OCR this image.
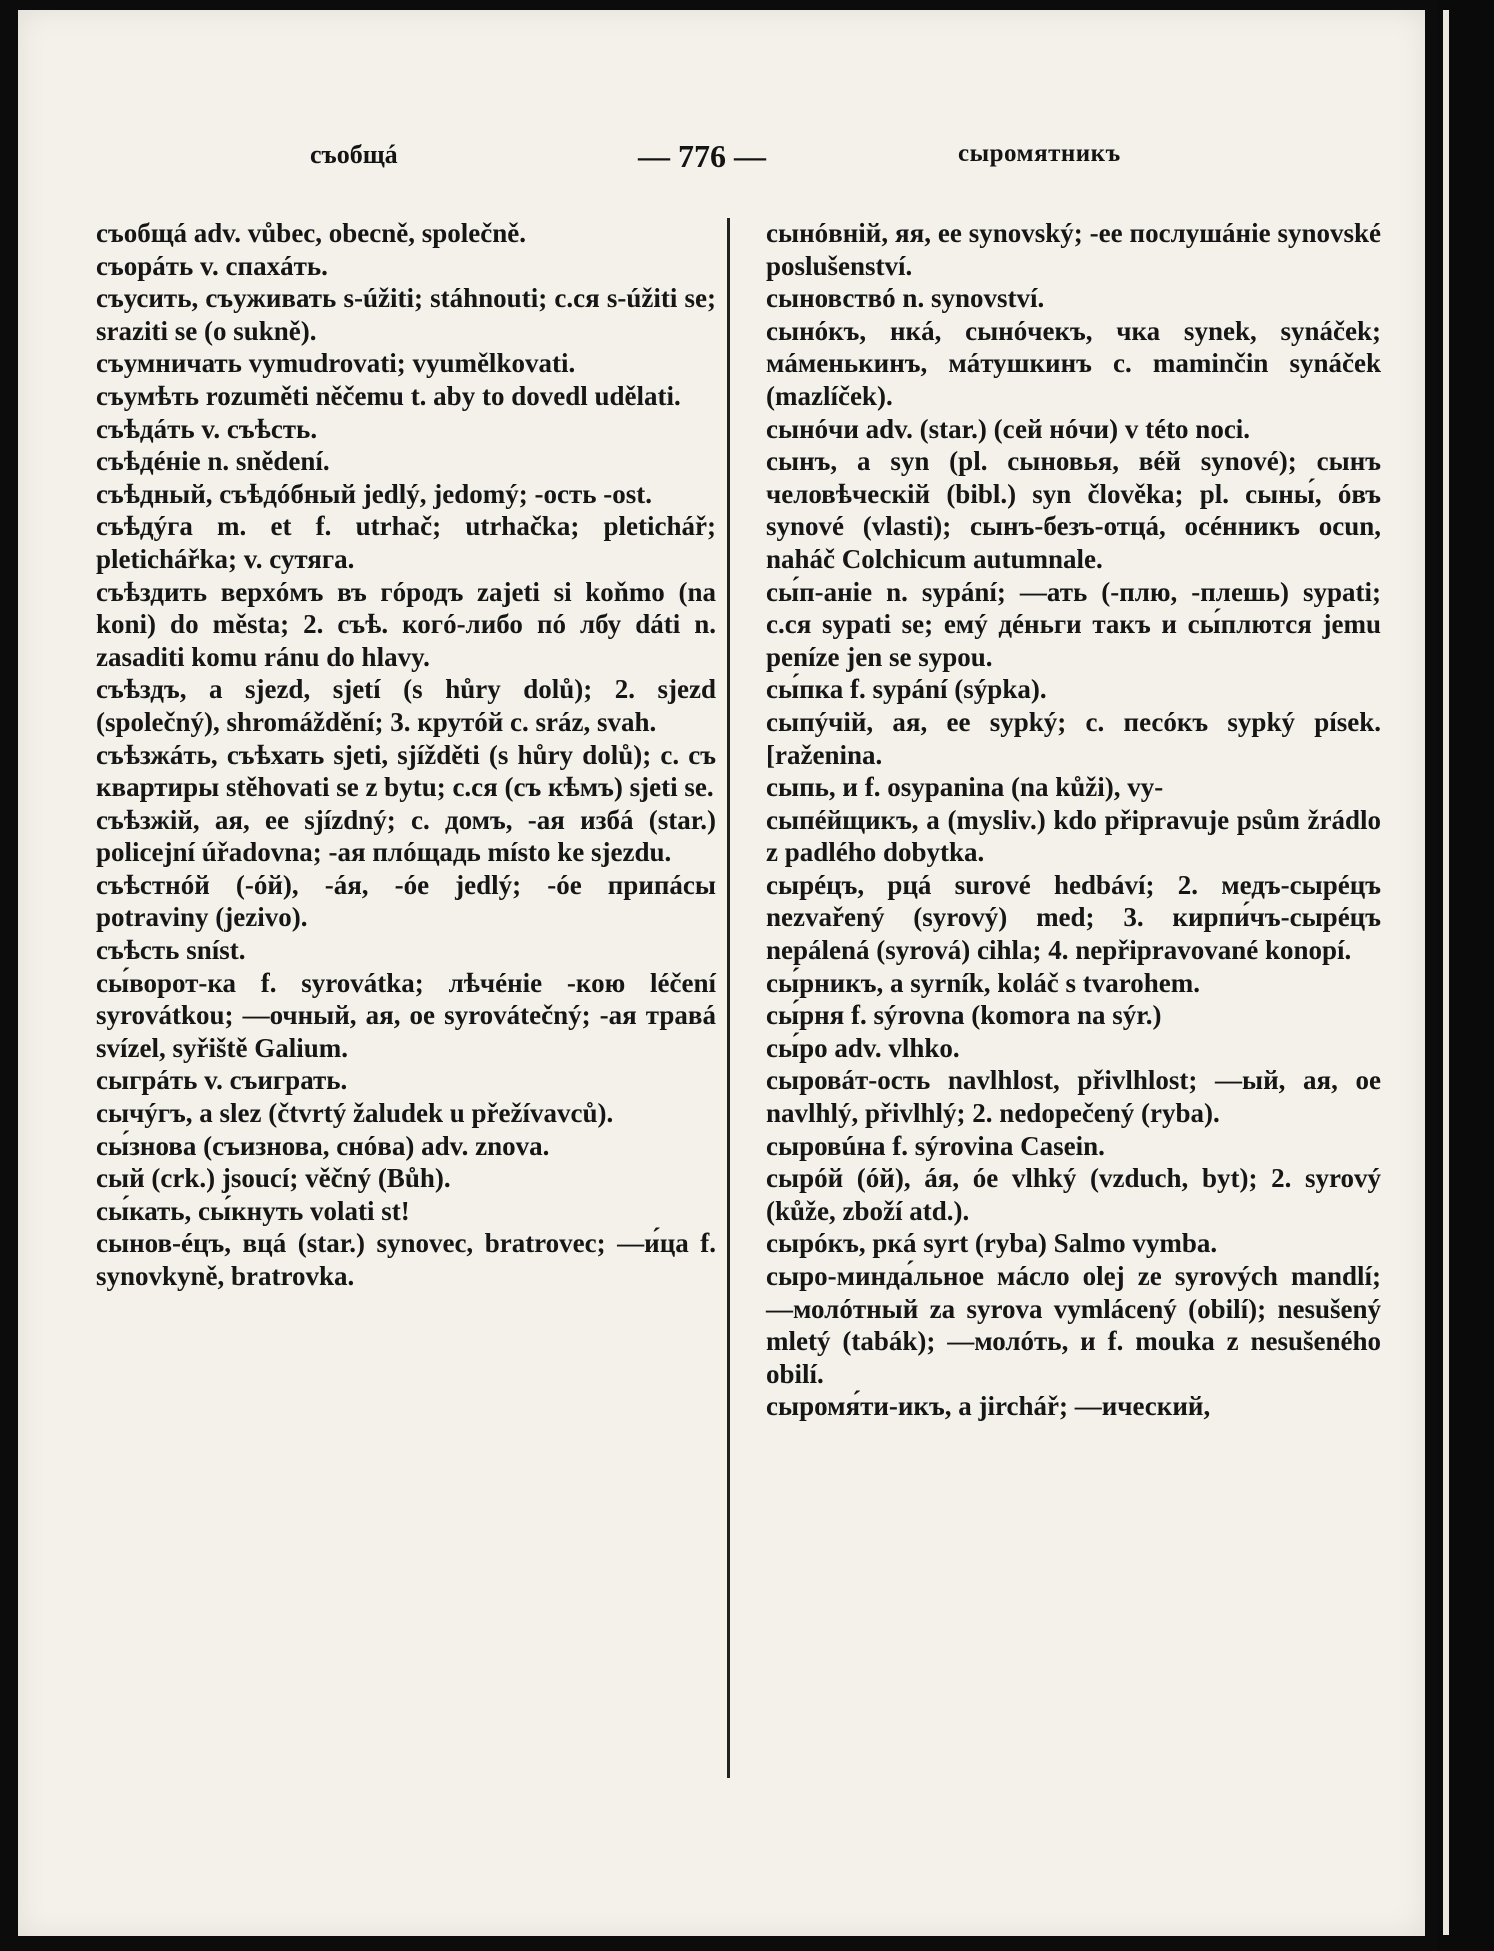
съобщá	— 776 —	сыромятникъ

съобщá adv. vůbec, obecně, společně.

съорáть v. спахáть.

съусить, съуживать s-úžiti; stáhnouti; с.ся s-úžiti se; sraziti se (o sukně).

съумничать vymudrovati; vyumělkovati.

съумѣть rozuměti něčemu t. aby to dovedl udělati.

съѣдáть v. съѣсть.

съѣдéніе n. snědení.

съѣдный, съѣдóбный jedlý, jedomý; -ость -ost.

съѣдýга m. et f. utrhač; utrhačka; pletichář; pletichářka; v. сутяга.

съѣздить верхóмъ въ гóродъ zajeti si koňmo (na koni) do města; 2. съѣ. когó-либо пó лбу dáti n. zasaditi komu ránu do hlavy.

съѣздъ, a sjezd, sjetí (s hůry dolů); 2. sjezd (společný), shromáždění; 3. крутóй с. sráz, svah.

съѣзжáть, съѣхать sjeti, sjížděti (s hůry dolů); с. съ квартиры stěhovati se z bytu; с.ся (съ кѣмъ) sjeti se.

съѣзжій, ая, ее sjízdný; с. домъ, -ая избá (star.) policejní úřadovna; -ая плóщадь místo ke sjezdu.

съѣстнóй (-óй), -áя, -óе jedlý; -óе припáсы potraviny (jezivo).

съѣсть sníst.

сы́ворот-ка f. syrovátka; лѣчéніе -кою léčení syrovátkou; —очный, ая, ое syrovátečný; -ая травá svízel, syřiště Galium.

сыгрáть v. съиграть.

сычýгъ, a slez (čtvrtý žaludek u přežívavců).

сы́знова (съизнова, снóва) adv. znova.

сый (crk.) jsoucí; věčný (Bůh).

сы́кать, сы́кнуть volati st!

сынов-éцъ, вцá (star.) synovec, bratrovec; —и́ца f. synovkyně, bratrovka.

сынóвній, яя, ее synovský; -ее послушáніе synovské poslušenství.

сыновствó n. synovství.

сынóкъ, нкá, сынóчекъ, чка synek, synáček; мáменькинъ, мáтушкинъ с. maminčin synáček (mazlíček).

сынóчи adv. (star.) (сей нóчи) v této noci.

сынъ, a syn (pl. сыновья, вéй synové); сынъ человѣческій (bibl.) syn člověka; pl. сыны́, óвъ synové (vlasti); сынъ-безъ-отцá, осéнникъ ocun, naháč Colchicum autumnale.

сы́п-аніе n. sypání; —ать (-плю, -плешь) sypati; с.ся sypati se; емý дéньги такъ и сы́плются jemu peníze jen se sypou.

сы́пка f. sypání (sýpka).

сыпýчій, ая, ее sypký; с. песóкъ sypký písek. [raženina.

сыпь, и f. osypanina (na kůži), vy-

сыпéйщикъ, a (mysliv.) kdo připravuje psům žrádlo z padlého dobytka.

сырéцъ, рцá surové hedbáví; 2. медъ-сырéцъ nezvařený (syrový) med; 3. кирпи́чъ-сырéцъ nepálená (syrová) cihla; 4. nepřipravované konopí.

сы́рникъ, a syrník, koláč s tvarohem.

сы́рня f. sýrovna (komora na sýr.)

сы́ро adv. vlhko.

сыровáт-ость navlhlost, přivlhlost; —ый, ая, ое navlhlý, přivlhlý; 2. nedopečený (ryba).

сыровúна f. sýrovina Casein.

сырóй (óй), áя, óе vlhký (vzduch, byt); 2. syrový (kůže, zboží atd.).

сырóкъ, ркá syrt (ryba) Salmo vymba.

сыро-минда́льное мáсло olej ze syrových mandlí; —молóтный za syrova vymlácený (obilí); nesušený mletý (tabák); —молóть, и f. mouka z nesušeného obilí.

сыромя́ти-икъ, a jirchář; —ический,
